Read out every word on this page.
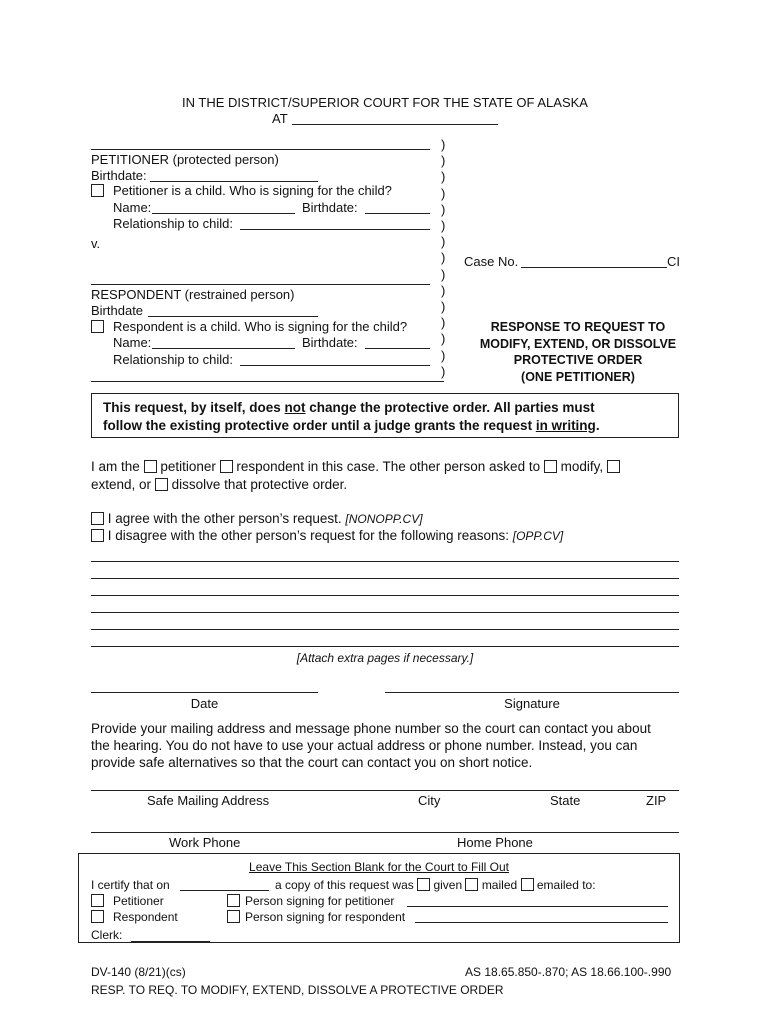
IN THE DISTRICT/SUPERIOR COURT FOR THE STATE OF ALASKA
AT
PETITIONER (protected person)
Birthdate:
Petitioner is a child. Who is signing for the child?
Name:	Birthdate:
Relationship to child:
v.
RESPONDENT (restrained person)
Birthdate
Respondent is a child. Who is signing for the child?
Name:	Birthdate:
Relationship to child:
)
)
)
)
)
)
)
)
)
)
)
)
)
)
)
Case No.	CI
RESPONSE TO REQUEST TO
MODIFY, EXTEND, OR DISSOLVE
PROTECTIVE ORDER
(ONE PETITIONER)
This request, by itself, does not change the protective order. All parties must
follow the existing protective order until a judge grants the request in writing.
I am the petitioner respondent in this case. The other person asked to modify,
extend, or dissolve that protective order.
I agree with the other person’s request. [NONOPP.CV]
I disagree with the other person’s request for the following reasons: [OPP.CV]
[Attach extra pages if necessary.]
Date	Signature
Provide your mailing address and message phone number so the court can contact you about
the hearing. You do not have to use your actual address or phone number. Instead, you can
provide safe alternatives so that the court can contact you on short notice.
Safe Mailing Address	City	State	ZIP
Work Phone	Home Phone
Leave This Section Blank for the Court to Fill Out
I certify that on	a copy of this request was given mailed emailed to:
Petitioner	Person signing for petitioner
Respondent	Person signing for respondent
Clerk:
DV-140 (8/21)(cs)	AS 18.65.850-.870; AS 18.66.100-.990
RESP. TO REQ. TO MODIFY, EXTEND, DISSOLVE A PROTECTIVE ORDER
